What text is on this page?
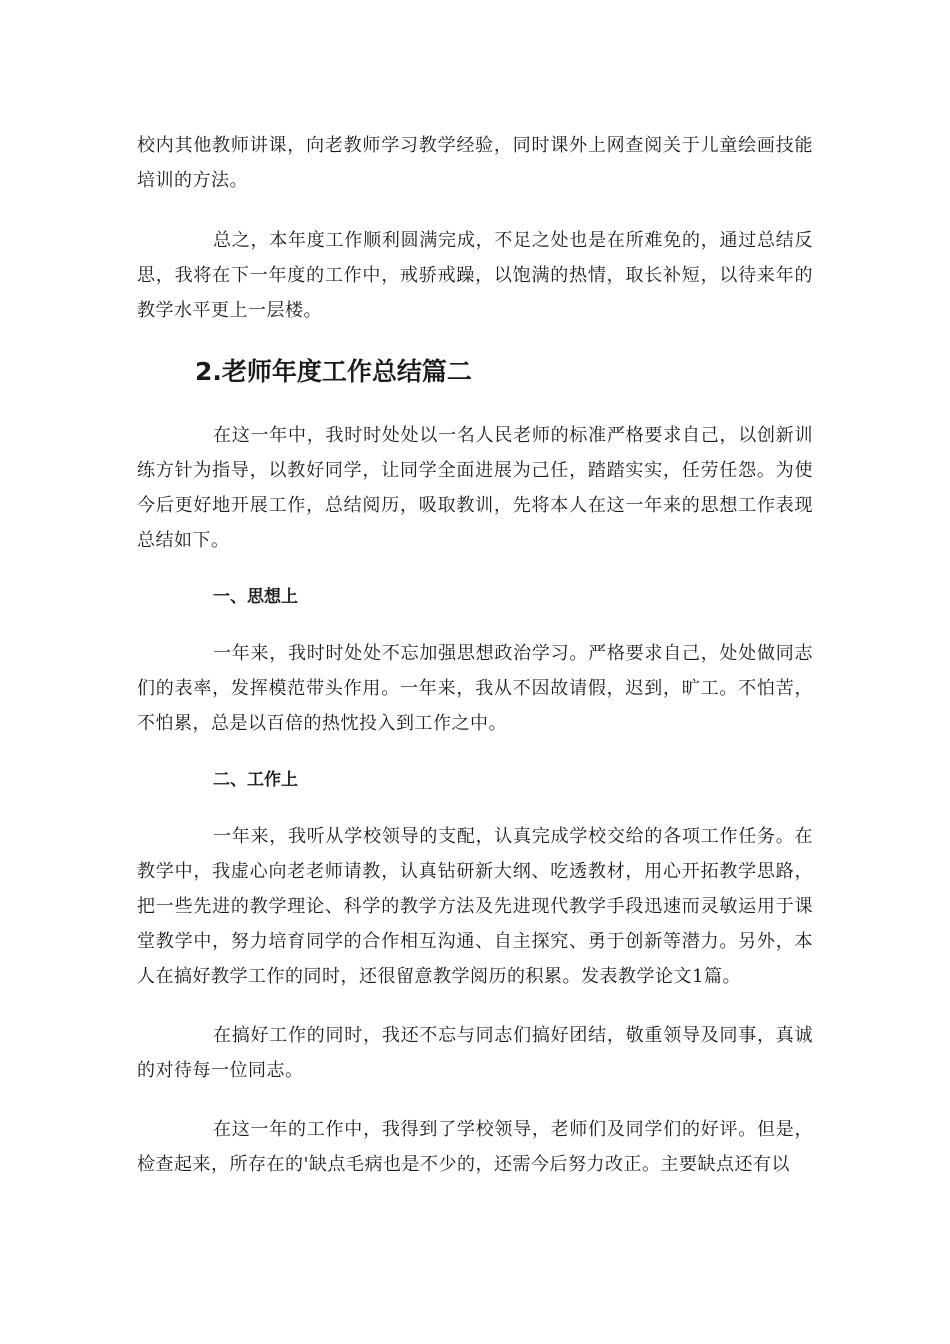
校内其他教师讲课，向老教师学习教学经验，同时课外上网查阅关于儿童绘画技能培训的方法。

总之，本年度工作顺利圆满完成，不足之处也是在所难免的，通过总结反思，我将在下一年度的工作中，戒骄戒躁，以饱满的热情，取长补短，以待来年的教学水平更上一层楼。

2.老师年度工作总结篇二

在这一年中，我时时处处以一名人民老师的标准严格要求自己，以创新训练方针为指导，以教好同学，让同学全面进展为己任，踏踏实实，任劳任怨。为使今后更好地开展工作，总结阅历，吸取教训，先将本人在这一年来的思想工作表现总结如下。

一、思想上

一年来，我时时处处不忘加强思想政治学习。严格要求自己，处处做同志们的表率，发挥模范带头作用。一年来，我从不因故请假，迟到，旷工。不怕苦，不怕累，总是以百倍的热忱投入到工作之中。

二、工作上

一年来，我听从学校领导的支配，认真完成学校交给的各项工作任务。在教学中，我虚心向老老师请教，认真钻研新大纲、吃透教材，用心开拓教学思路，把一些先进的教学理论、科学的教学方法及先进现代教学手段迅速而灵敏运用于课堂教学中，努力培育同学的合作相互沟通、自主探究、勇于创新等潜力。另外，本人在搞好教学工作的同时，还很留意教学阅历的积累。发表教学论文1篇。

在搞好工作的同时，我还不忘与同志们搞好团结，敬重领导及同事，真诚的对待每一位同志。

在这一年的工作中，我得到了学校领导，老师们及同学们的好评。但是，检查起来，所存在的'缺点毛病也是不少的，还需今后努力改正。主要缺点还有以
